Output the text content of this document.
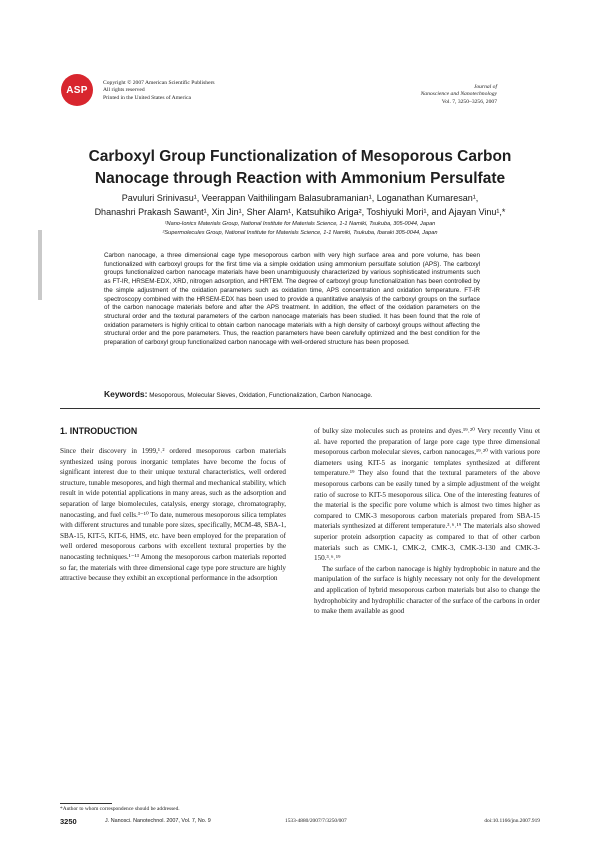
ASP
Copyright © 2007 American Scientific Publishers
All rights reserved
Printed in the United States of America
Journal of
Nanoscience and Nanotechnology
Vol. 7, 3250–3256, 2007
Carboxyl Group Functionalization of Mesoporous Carbon
Nanocage through Reaction with Ammonium Persulfate
Pavuluri Srinivasu¹, Veerappan Vaithilingam Balasubramanian¹, Loganathan Kumaresan¹,
Dhanashri Prakash Sawant¹, Xin Jin¹, Sher Alam¹, Katsuhiko Ariga², Toshiyuki Mori¹, and Ajayan Vinu¹,*
¹Nano-Ionics Materials Group, National Institute for Materials Science, 1-1 Namiki, Tsukuba, 305-0044, Japan
²Supermolecules Group, National Institute for Materials Science, 1-1 Namiki, Tsukuba, Ibaraki 305-0044, Japan
Carbon nanocage, a three dimensional cage type mesoporous carbon with very high surface area and pore volume, has been functionalized with carboxyl groups for the first time via a simple oxidation using ammonium persulfate solution (APS). The carboxyl groups functionalized carbon nanocage materials have been unambiguously characterized by various sophisticated instruments such as FT-IR, HRSEM-EDX, XRD, nitrogen adsorption, and HRTEM. The degree of carboxyl group functionalization has been controlled by the simple adjustment of the oxidation parameters such as oxidation time, APS concentration and oxidation temperature. FT-IR spectroscopy combined with the HRSEM-EDX has been used to provide a quantitative analysis of the carboxyl groups on the surface of the carbon nanocage materials before and after the APS treatment. In addition, the effect of the oxidation parameters on the structural order and the textural parameters of the carbon nanocage materials has been studied. It has been found that the role of oxidation parameters is highly critical to obtain carbon nanocage materials with a high density of carboxyl groups without affecting the structural order and the pore parameters. Thus, the reaction parameters have been carefully optimized and the best condition for the preparation of carboxyl group functionalized carbon nanocage with well-ordered structure has been proposed.
Keywords: Mesoporous, Molecular Sieves, Oxidation, Functionalization, Carbon Nanocage.
1. INTRODUCTION

Since their discovery in 1999,¹˒² ordered mesoporous carbon materials synthesized using porous inorganic templates have become the focus of significant interest due to their unique textural characteristics, well ordered structure, tunable mesopores, and high thermal and mechanical stability, which result in wide potential applications in many areas, such as the adsorption and separation of large biomolecules, catalysis, energy storage, chromatography, nanocasting, and fuel cells.³⁻¹⁰ To date, numerous mesoporous silica templates with different structures and tunable pore sizes, specifically, MCM-48, SBA-1, SBA-15, KIT-5, KIT-6, HMS, etc. have been employed for the preparation of well ordered mesoporous carbons with excellent textural properties by the nanocasting techniques.¹⁻¹³ Among the mesoporous carbon materials reported so far, the materials with three dimensional cage type pore structure are highly attractive because they exhibit an exceptional performance in the adsorption

of bulky size molecules such as proteins and dyes.¹⁹˒²⁰ Very recently Vinu et al. have reported the preparation of large pore cage type three dimensional mesoporous carbon molecular sieves, carbon nanocages,¹⁹˒²⁰ with various pore diameters using KIT-5 as inorganic templates synthesized at different temperature.¹⁹ They also found that the textural parameters of the above mesoporous carbons can be easily tuned by a simple adjustment of the weight ratio of sucrose to KIT-5 mesoporous silica. One of the interesting features of the material is the specific pore volume which is almost two times higher as compared to CMK-3 mesoporous carbon materials prepared from SBA-15 materials synthesized at different temperature.³˒⁶˒¹⁹ The materials also showed superior protein adsorption capacity as compared to that of other carbon materials such as CMK-1, CMK-2, CMK-3, CMK-3-130 and CMK-3-150.³˒⁶˒¹⁹

The surface of the carbon nanocage is highly hydrophobic in nature and the manipulation of the surface is highly necessary not only for the development and application of hybrid mesoporous carbon materials but also to change the hydrophobicity and hydrophilic character of the surface of the carbons in order to make them available as good

*Author to whom correspondence should be addressed.
3250	J. Nanosci. Nanotechnol. 2007, Vol. 7, No. 9	1533-4880/2007/7/3250/007	doi:10.1166/jnn.2007.919
